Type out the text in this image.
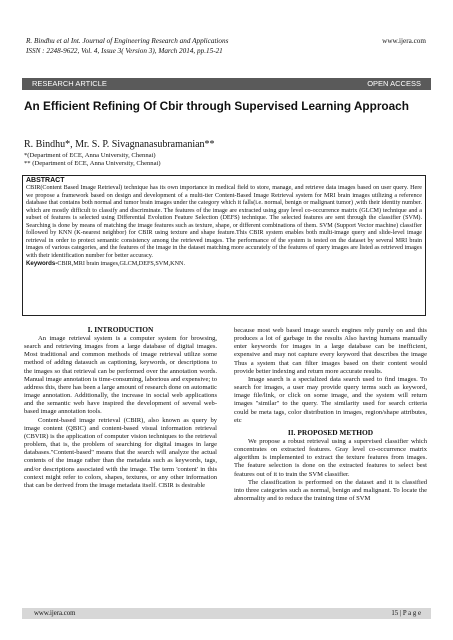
R. Bindhu et al Int. Journal of Engineering Research and Applications
ISSN : 2248-9622, Vol. 4, Issue 3( Version 3), March 2014, pp.15-21
www.ijera.com
RESEARCH ARTICLE	OPEN ACCESS
An Efficient Refining Of Cbir through Supervised Learning Approach
R. Bindhu*, Mr. S. P. Sivagnanasubramanian**
*(Department of ECE, Anna University, Chennai)
** (Department of ECE, Anna University, Chennai)
ABSTRACT
CBIR(Content Based Image Retrieval) technique has its own importance in medical field to store, manage, and retrieve data images based on user query. Here we propose a framework based on design and development of a multi-tier Content-Based Image Retrieval system for MRI brain images utilizing a reference database that contains both normal and tumor brain images under the category which it falls(i.e. normal, benign or malignant tumor) ,with their identity number. which are mostly difficult to classify and discriminate. The features of the image are extracted using gray level co-occurrence matrix (GLCM) technique and a subset of features is selected using Differential Evolution Feature Selection (DEFS) technique. The selected features are sent through the classifier (SVM). Searching is done by means of matching the image features such as texture, shape, or different combinations of them. SVM (Support Vector machine) classifier followed by KNN (K-nearest neighbor) for CBIR using texture and shape feature.This CBIR system enables both multi-image query and slide-level image retrieval in order to protect semantic consistency among the retrieved images. The performance of the system is tested on the dataset by several MRI brain images of various categories, and the features of the image in the dataset matching more accurately of the features of query images are listed as retrieved images with their identification number for better accuracy.
Keywords-CBIR,MRI brain images,GLCM,DEFS,SVM,KNN.
I. INTRODUCTION

An image retrieval system is a computer system for browsing, search and retrieving images from a large database of digital images. Most traditional and common methods of image retrieval utilize some method of adding datasuch as captioning, keywords, or descriptions to the images so that retrieval can be performed over the annotation words. Manual image annotation is time-consuming, laborious and expensive; to address this, there has been a large amount of research done on automatic image annotation. Additionally, the increase in social web applications and the semantic web have inspired the development of several web-based image annotation tools.

Content-based image retrieval (CBIR), also known as query by image content (QBIC) and content-based visual information retrieval (CBVIR) is the application of computer vision techniques to the retrieval problem, that is, the problem of searching for digital images in large databases."Content-based" means that the search will analyze the actual contents of the image rather than the metadata such as keywords, tags, and/or descriptions associated with the image. The term 'content' in this context might refer to colors, shapes, textures, or any other information that can be derived from the image metadata itself. CBIR is desirable

because most web based image search engines rely purely on and this produces a lot of garbage in the results Also having humans manually enter keywords for images in a large database can be inefficient, expensive and may not capture every keyword that describes the image Thus a system that can filter images based on their content would provide better indexing and return more accurate results.

Image search is a specialized data search used to find images. To search for images, a user may provide query terms such as keyword, image file/link, or click on some image, and the system will return images "similar" to the query. The similarity used for search criteria could be meta tags, color distribution in images, region/shape attributes, etc

II. PROPOSED METHOD

We propose a robust retrieval using a supervised classifier which concentrates on extracted features. Gray level co-occurrence matrix algorithm is implemented to extract the texture features from images. The feature selection is done on the extracted features to select best features out of it to train the SVM classifier.

The classification is performed on the dataset and it is classified into three categories such as normal, benign and malignant. To locate the abnormality and to reduce the training time of SVM

www.ijera.com	15 | P a g e
